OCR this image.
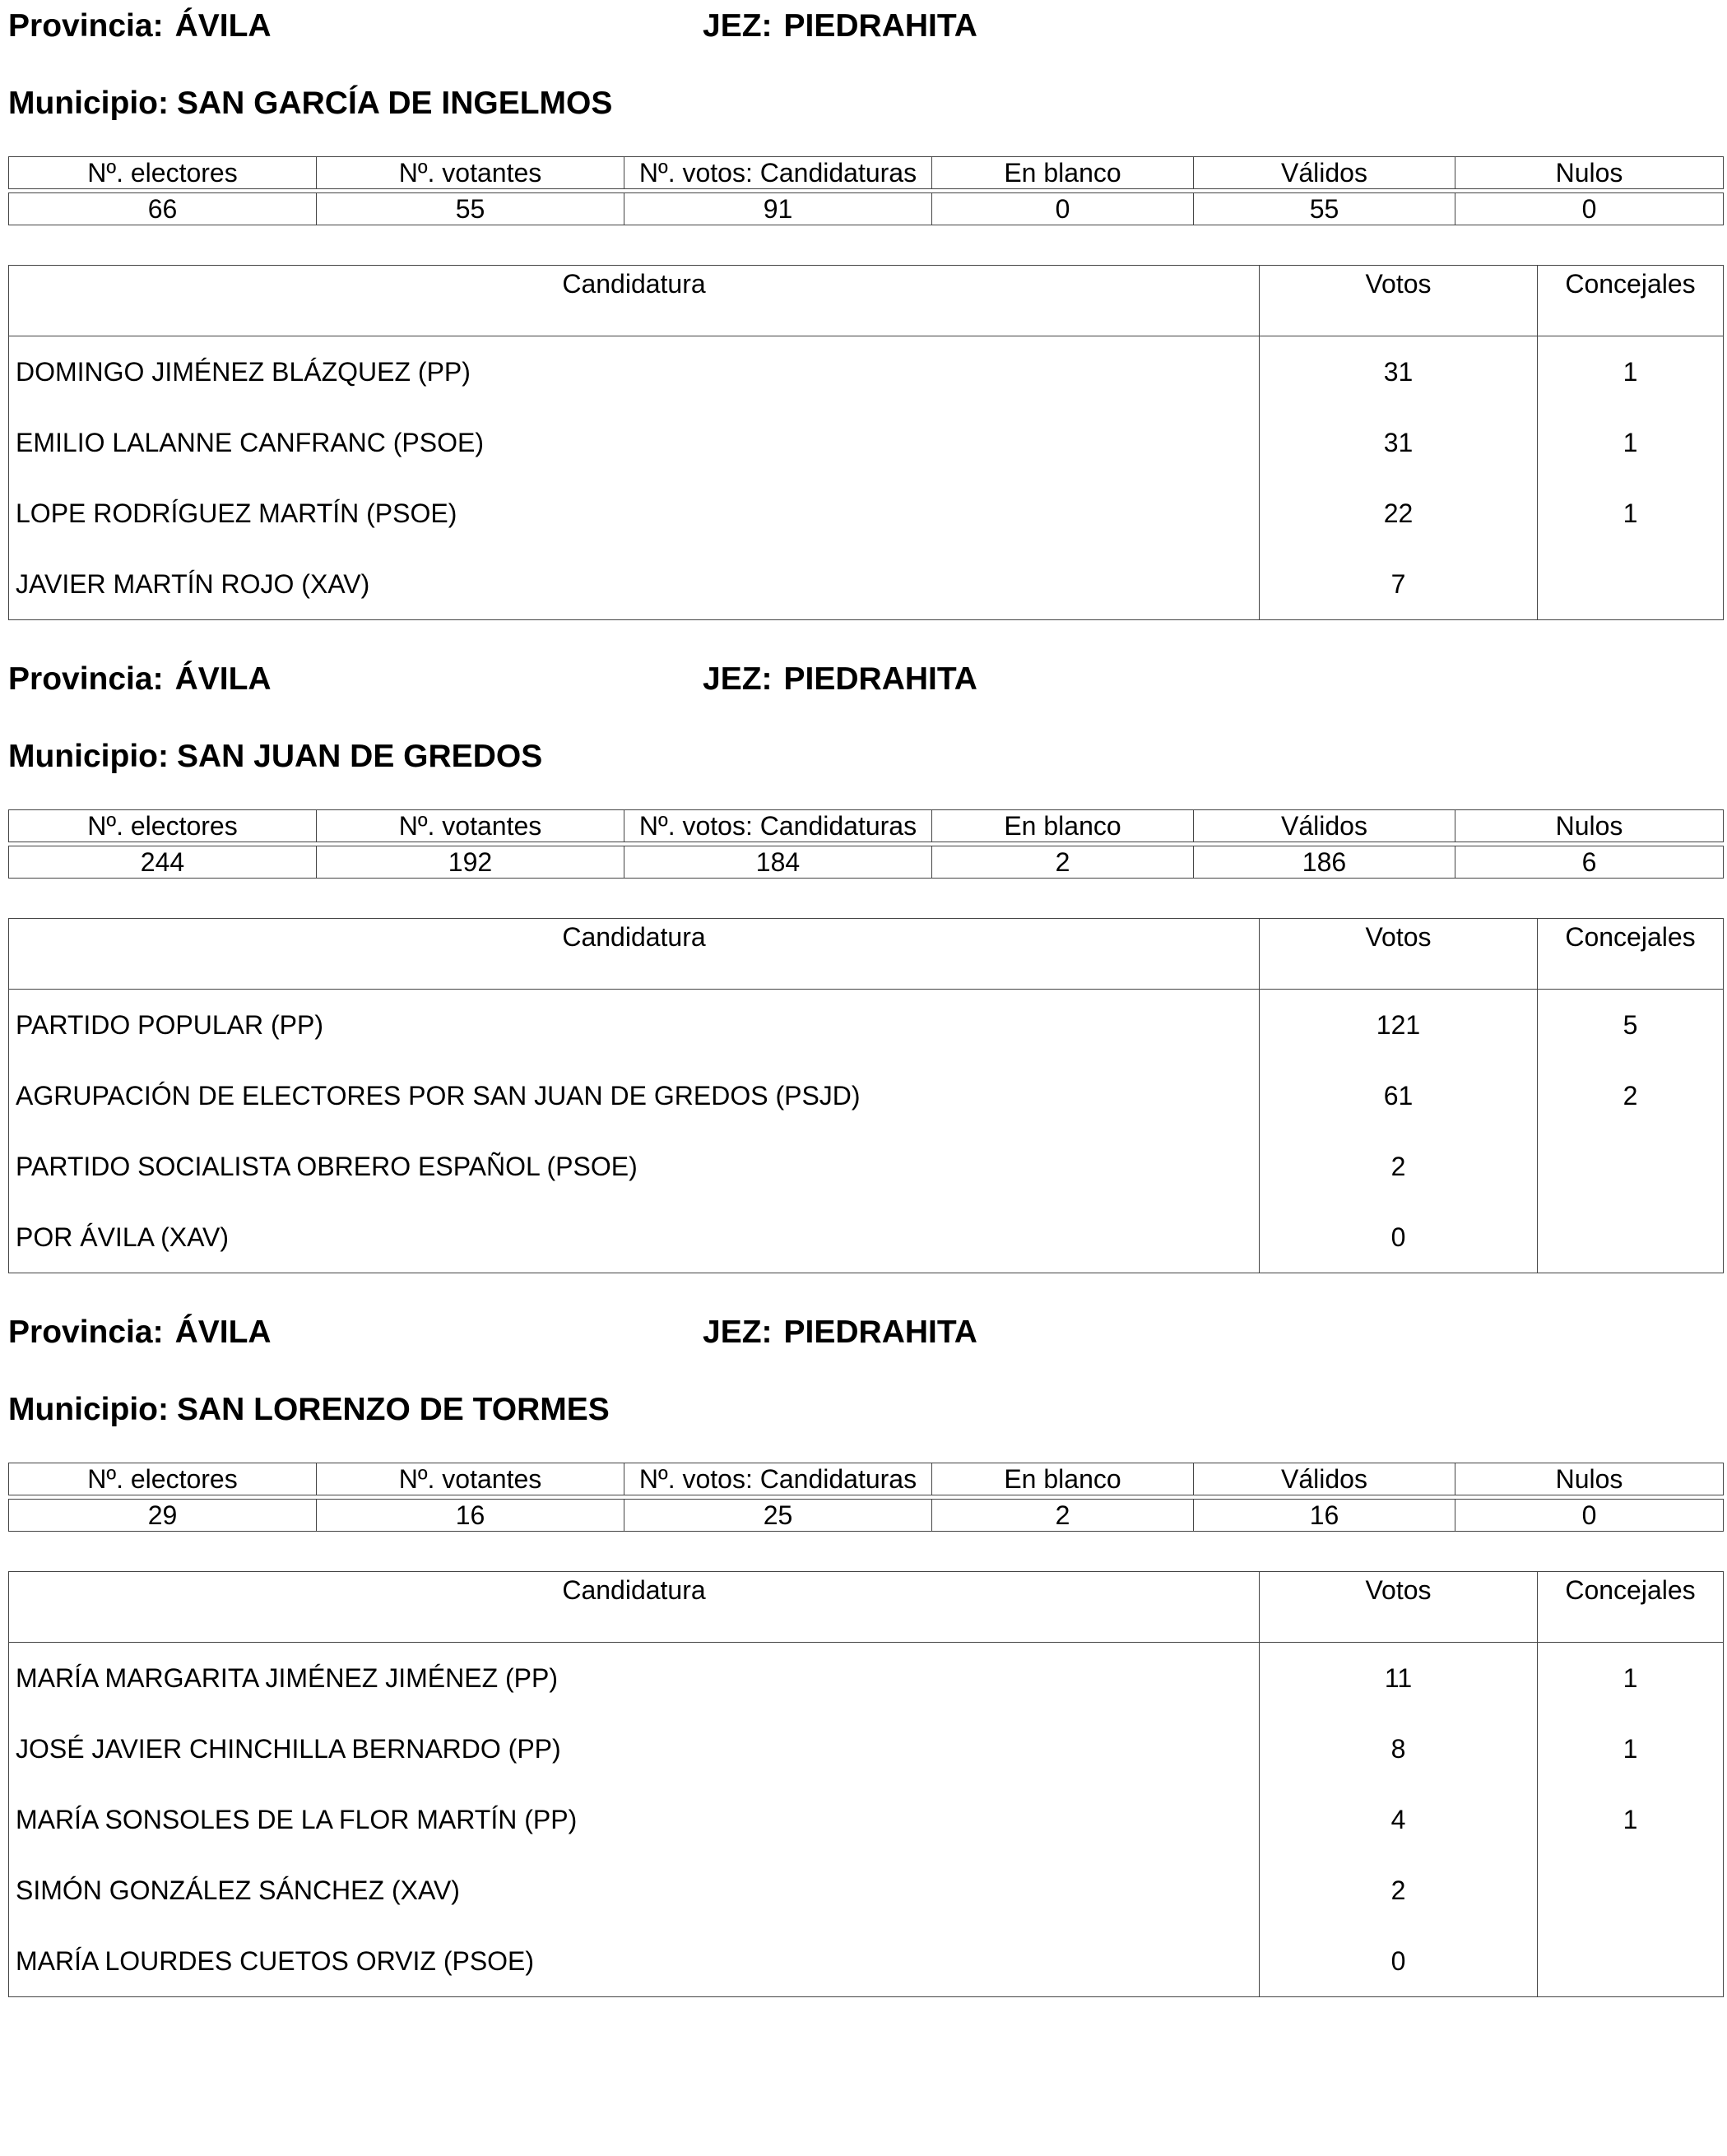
Provincia: ÁVILA	JEZ: PIEDRAHITA
Municipio: SAN GARCÍA DE INGELMOS
Nº. electores	Nº. votantes	Nº. votos: Candidaturas	En blanco	Válidos	Nulos

66	55	91	0	55	0
Candidatura	Votos	Concejales
DOMINGO JIMÉNEZ BLÁZQUEZ (PP)	31	1
EMILIO LALANNE CANFRANC (PSOE)	31	1
LOPE RODRÍGUEZ MARTÍN (PSOE)	22	1
JAVIER MARTÍN ROJO (XAV)	7	
Provincia: ÁVILA	JEZ: PIEDRAHITA
Municipio: SAN JUAN DE GREDOS
Nº. electores	Nº. votantes	Nº. votos: Candidaturas	En blanco	Válidos	Nulos

244	192	184	2	186	6
Candidatura	Votos	Concejales
PARTIDO POPULAR (PP)	121	5
AGRUPACIÓN DE ELECTORES POR SAN JUAN DE GREDOS (PSJD)	61	2
PARTIDO SOCIALISTA OBRERO ESPAÑOL (PSOE)	2	
POR ÁVILA (XAV)	0	
Provincia: ÁVILA	JEZ: PIEDRAHITA
Municipio: SAN LORENZO DE TORMES
Nº. electores	Nº. votantes	Nº. votos: Candidaturas	En blanco	Válidos	Nulos

29	16	25	2	16	0
Candidatura	Votos	Concejales
MARÍA MARGARITA JIMÉNEZ JIMÉNEZ (PP)	11	1
JOSÉ JAVIER CHINCHILLA BERNARDO (PP)	8	1
MARÍA SONSOLES DE LA FLOR MARTÍN (PP)	4	1
SIMÓN GONZÁLEZ SÁNCHEZ (XAV)	2	
MARÍA LOURDES CUETOS ORVIZ (PSOE)	0	
